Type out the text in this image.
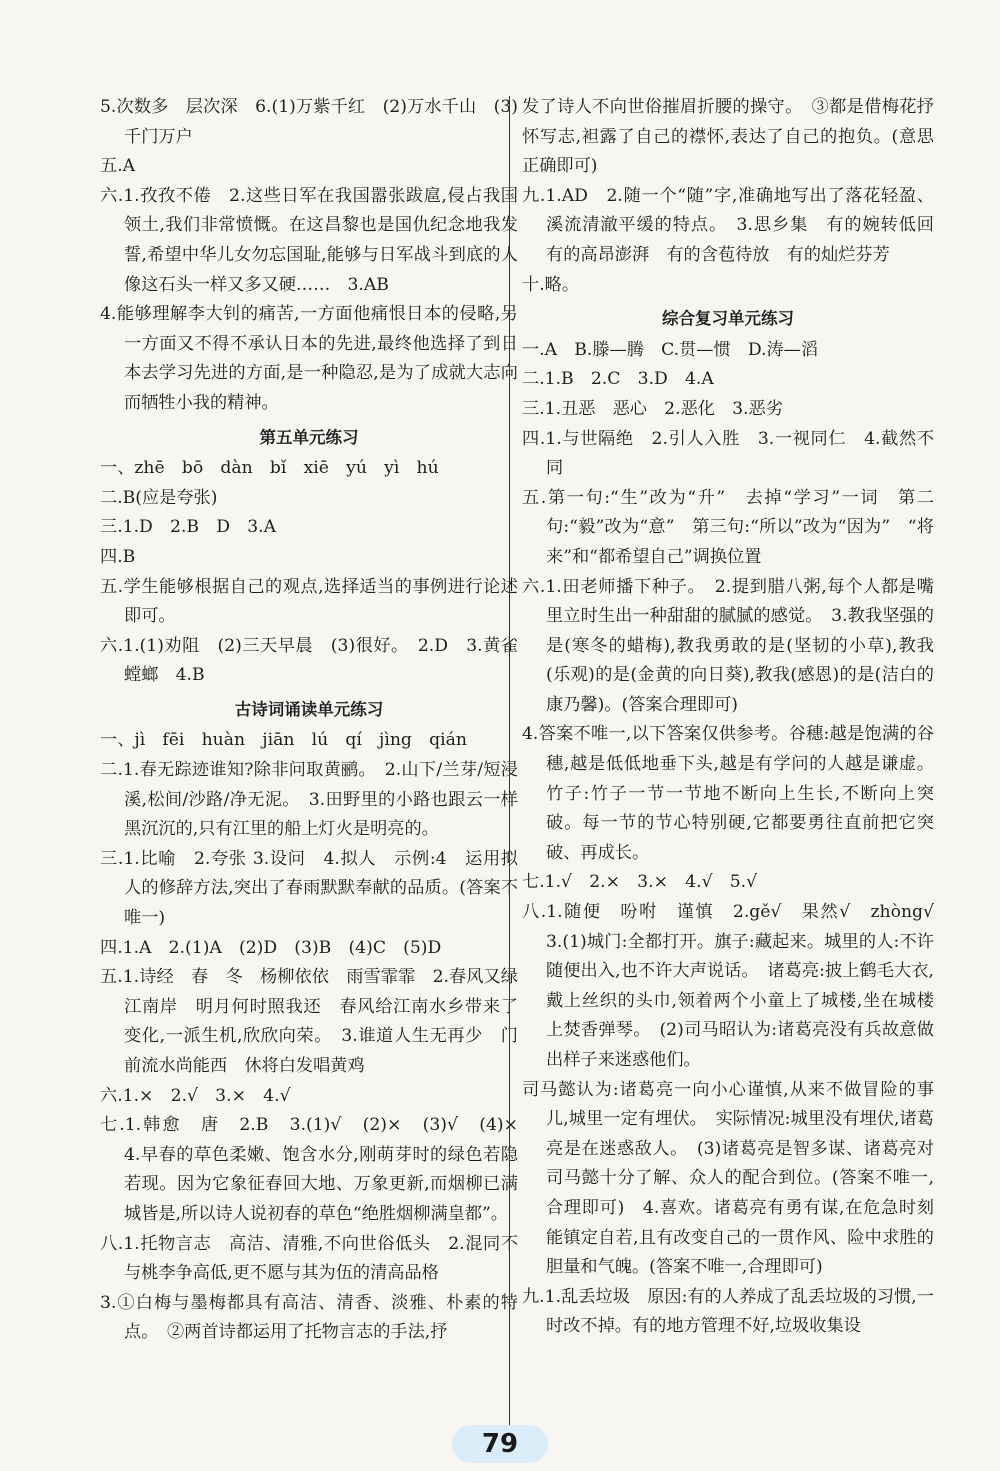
5.次数多　层次深　6.(1)万紫千红　(2)万水千山　(3)千门万户

五.A

六.1.孜孜不倦　2.这些日军在我国嚣张跋扈,侵占我国领土,我们非常愤慨。在这昌黎也是国仇纪念地我发誓,希望中华儿女勿忘国耻,能够与日军战斗到底的人像这石头一样又多又硬……　3.AB

4.能够理解李大钊的痛苦,一方面他痛恨日本的侵略,另一方面又不得不承认日本的先进,最终他选择了到日本去学习先进的方面,是一种隐忍,是为了成就大志向而牺牲小我的精神。

第五单元练习

一、zhē　bō　dàn　bǐ　xiē　yú　yì　hú

二.B(应是夸张)

三.1.D　2.B　D　3.A

四.B

五.学生能够根据自己的观点,选择适当的事例进行论述即可。

六.1.(1)劝阻　(2)三天早晨　(3)很好。　2.D　3.黄雀　螳螂　4.B

古诗词诵读单元练习

一、jì　fēi　huàn　jiān　lú　qí　jìng　qián

二.1.春无踪迹谁知?除非问取黄鹂。　2.山下/兰芽/短浸溪,松间/沙路/净无泥。　3.田野里的小路也跟云一样黑沉沉的,只有江里的船上灯火是明亮的。

三.1.比喻　2.夸张 3.设问　4.拟人　示例:4　运用拟人的修辞方法,突出了春雨默默奉献的品质。(答案不唯一)

四.1.A　2.(1)A　(2)D　(3)B　(4)C　(5)D

五.1.诗经　春　冬　杨柳依依　雨雪霏霏　2.春风又绿江南岸　明月何时照我还　春风给江南水乡带来了变化,一派生机,欣欣向荣。　3.谁道人生无再少　门前流水尚能西　休将白发唱黄鸡

六.1.×　2.√　3.×　4.√

七.1.韩愈　唐　2.B　3.(1)√　(2)×　(3)√　(4)×　4.早春的草色柔嫩、饱含水分,刚萌芽时的绿色若隐若现。因为它象征春回大地、万象更新,而烟柳已满城皆是,所以诗人说初春的草色“绝胜烟柳满皇都”。

八.1.托物言志　高洁、清雅,不向世俗低头　2.混同不与桃李争高低,更不愿与其为伍的清高品格

3.①白梅与墨梅都具有高洁、清香、淡雅、朴素的特点。　②两首诗都运用了托物言志的手法,抒

发了诗人不向世俗摧眉折腰的操守。　③都是借梅花抒怀写志,袒露了自己的襟怀,表达了自己的抱负。(意思正确即可)

九.1.AD　2.随一个“随”字,准确地写出了落花轻盈、溪流清澈平缓的特点。　3.思乡集　有的婉转低回　有的高昂澎湃　有的含苞待放　有的灿烂芬芳

十.略。

综合复习单元练习

一.A　B.滕—腾　C.贯—惯　D.涛—滔

二.1.B　2.C　3.D　4.A

三.1.丑恶　恶心　2.恶化　3.恶劣

四.1.与世隔绝　2.引人入胜　3.一视同仁　4.截然不同

五.第一句:“生”改为“升”　去掉“学习”一词　第二句:“毅”改为“意”　第三句:“所以”改为“因为”　“将来”和“都希望自己”调换位置

六.1.田老师播下种子。　2.提到腊八粥,每个人都是嘴里立时生出一种甜甜的腻腻的感觉。　3.教我坚强的是(寒冬的蜡梅),教我勇敢的是(坚韧的小草),教我(乐观)的是(金黄的向日葵),教我(感恩)的是(洁白的康乃馨)。(答案合理即可)

4.答案不唯一,以下答案仅供参考。谷穗:越是饱满的谷穗,越是低低地垂下头,越是有学问的人越是谦虚。竹子:竹子一节一节地不断向上生长,不断向上突破。每一节的节心特别硬,它都要勇往直前把它突破、再成长。

七.1.√　2.×　3.×　4.√　5.√

八.1.随便　吩咐　谨慎　2.gě√　果然√　zhòng√　3.(1)城门:全都打开。旗子:藏起来。城里的人:不许随便出入,也不许大声说话。　诸葛亮:披上鹤毛大衣,戴上丝织的头巾,领着两个小童上了城楼,坐在城楼上焚香弹琴。　(2)司马昭认为:诸葛亮没有兵故意做出样子来迷惑他们。

司马懿认为:诸葛亮一向小心谨慎,从来不做冒险的事儿,城里一定有埋伏。　实际情况:城里没有埋伏,诸葛亮是在迷惑敌人。　(3)诸葛亮是智多谋、诸葛亮对司马懿十分了解、众人的配合到位。(答案不唯一,合理即可)　4.喜欢。诸葛亮有勇有谋,在危急时刻能镇定自若,且有改变自己的一贯作风、险中求胜的胆量和气魄。(答案不唯一,合理即可)

九.1.乱丢垃圾　原因:有的人养成了乱丢垃圾的习惯,一时改不掉。有的地方管理不好,垃圾收集设

79
